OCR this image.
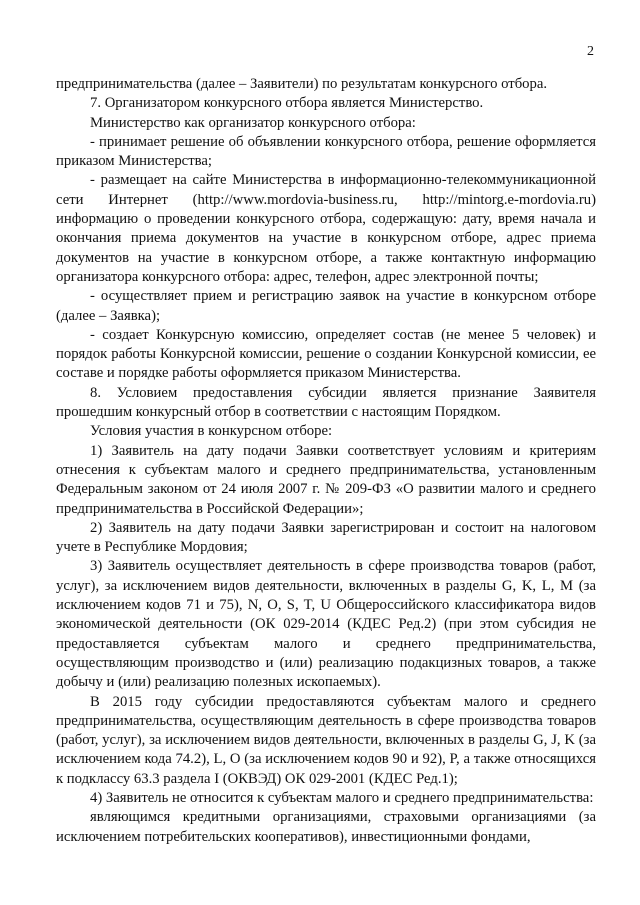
2

предпринимательства (далее – Заявители) по результатам конкурсного отбора.

7. Организатором конкурсного отбора является Министерство.

Министерство как организатор конкурсного отбора:

- принимает решение об объявлении конкурсного отбора, решение оформляется приказом Министерства;

- размещает на сайте Министерства в информационно-телекоммуникационной сети Интернет (http://www.mordovia-business.ru, http://mintorg.e-mordovia.ru) информацию о проведении конкурсного отбора, содержащую: дату, время начала и окончания приема документов на участие в конкурсном отборе, адрес приема документов на участие в конкурсном отборе, а также контактную информацию организатора конкурсного отбора: адрес, телефон, адрес электронной почты;

- осуществляет прием и регистрацию заявок на участие в конкурсном отборе (далее – Заявка);

- создает Конкурсную комиссию, определяет состав (не менее 5 человек) и порядок работы Конкурсной комиссии, решение о создании Конкурсной комиссии, ее составе и порядке работы оформляется приказом Министерства.

8. Условием предоставления субсидии является признание Заявителя прошедшим конкурсный отбор в соответствии с настоящим Порядком.

Условия участия в конкурсном отборе:

1) Заявитель на дату подачи Заявки соответствует условиям и критериям отнесения к субъектам малого и среднего предпринимательства, установленным Федеральным законом от 24 июля 2007 г. № 209-ФЗ «О развитии малого и среднего предпринимательства в Российской Федерации»;

2) Заявитель на дату подачи Заявки зарегистрирован и состоит на налоговом учете в Республике Мордовия;

3) Заявитель осуществляет деятельность в сфере производства товаров (работ, услуг), за исключением видов деятельности, включенных в разделы G, K, L, M (за исключением кодов 71 и 75), N, O, S, T, U Общероссийского классификатора видов экономической деятельности (ОК 029-2014 (КДЕС Ред.2) (при этом субсидия не предоставляется субъектам малого и среднего предпринимательства, осуществляющим производство и (или) реализацию подакцизных товаров, а также добычу и (или) реализацию полезных ископаемых).

В 2015 году субсидии предоставляются субъектам малого и среднего предпринимательства, осуществляющим деятельность в сфере производства товаров (работ, услуг), за исключением видов деятельности, включенных в разделы G, J, K (за исключением кода 74.2), L, O (за исключением кодов 90 и 92), P, а также относящихся к подклассу 63.3 раздела I (ОКВЭД) ОК 029-2001 (КДЕС Ред.1);

4) Заявитель не относится к субъектам малого и среднего предпринимательства:

являющимся кредитными организациями, страховыми организациями (за исключением потребительских кооперативов), инвестиционными фондами,
